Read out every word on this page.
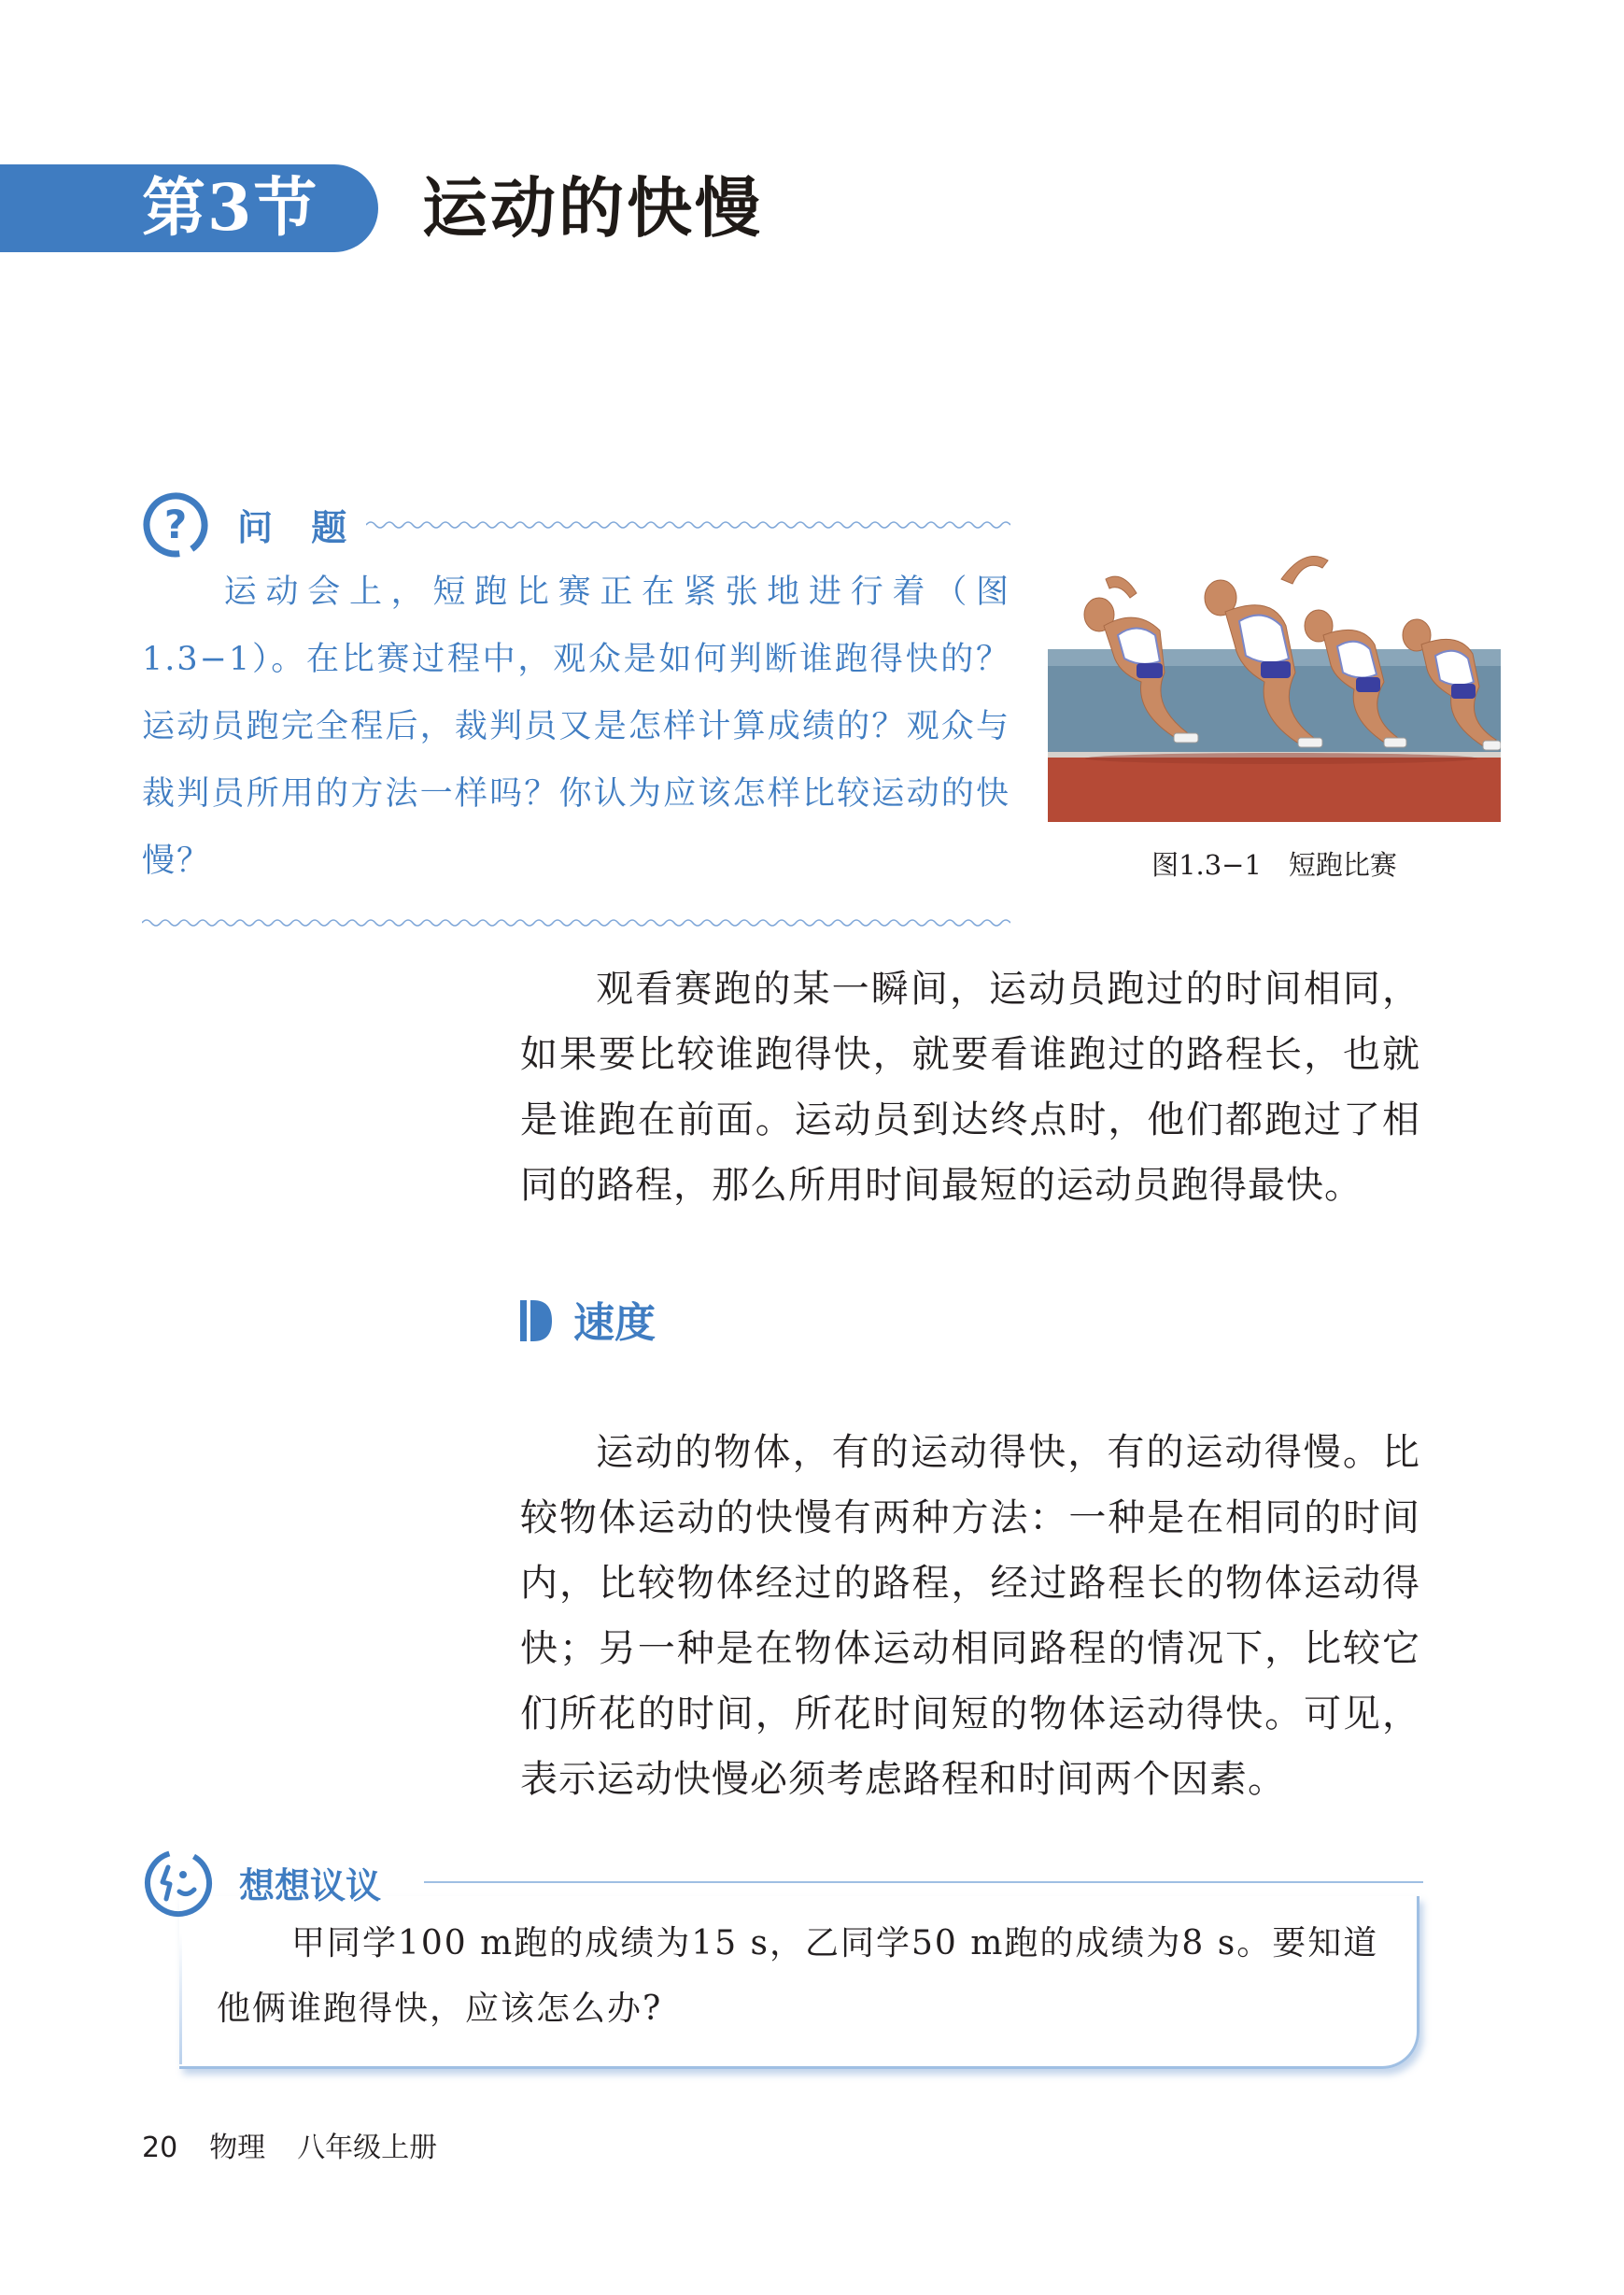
第3节	运动的快慢
? 问 题
运动会上，短跑比赛正在紧张地进行着（图1.3−1）。在比赛过程中，观众是如何判断谁跑得快的？运动员跑完全程后，裁判员又是怎样计算成绩的？观众与裁判员所用的方法一样吗？你认为应该怎样比较运动的快慢？	图1.3−1　短跑比赛
观看赛跑的某一瞬间，运动员跑过的时间相同，如果要比较谁跑得快，就要看谁跑过的路程长，也就是谁跑在前面。运动员到达终点时，他们都跑过了相同的路程，那么所用时间最短的运动员跑得最快。
速度
运动的物体，有的运动得快，有的运动得慢。比较物体运动的快慢有两种方法：一种是在相同的时间内，比较物体经过的路程，经过路程长的物体运动得快；另一种是在物体运动相同路程的情况下，比较它们所花的时间，所花时间短的物体运动得快。可见，表示运动快慢必须考虑路程和时间两个因素。
想想议议
甲同学100 m跑的成绩为15 s，乙同学50 m跑的成绩为8 s。要知道他俩谁跑得快，应该怎么办?
20 物理 八年级上册
